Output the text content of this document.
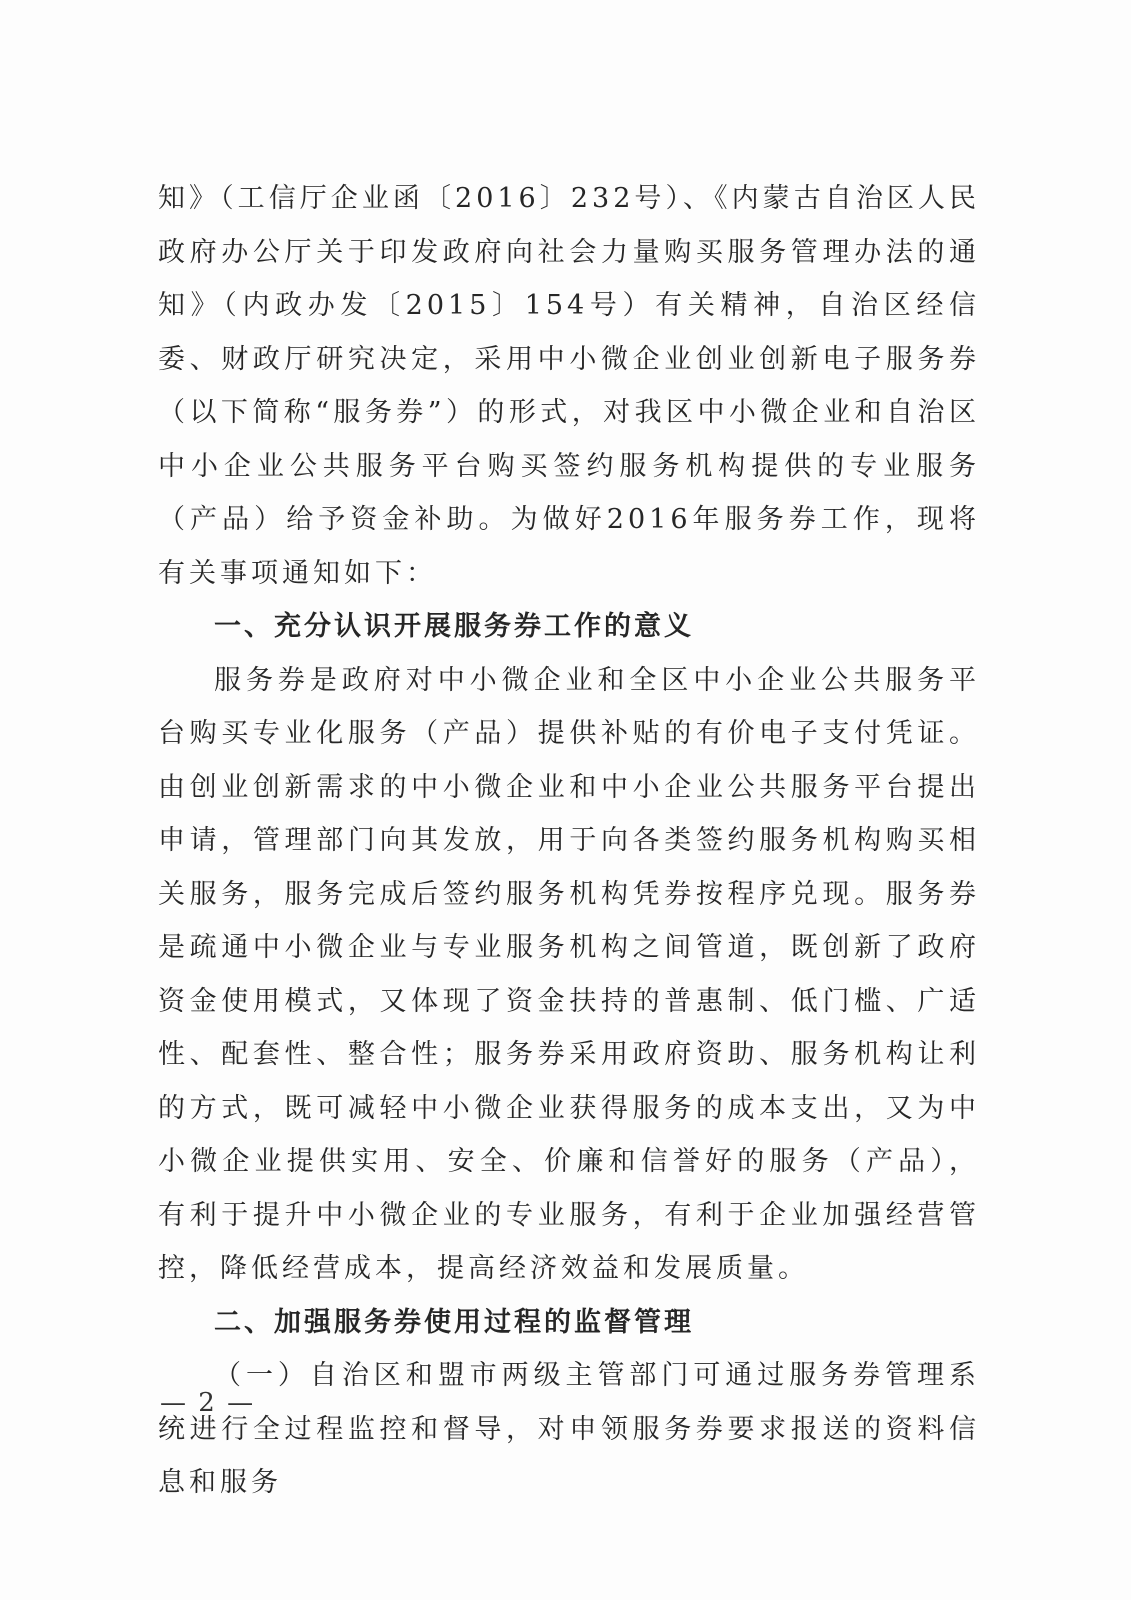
知》（工信厅企业函〔2016〕232号）、《内蒙古自治区人民政府办公厅关于印发政府向社会力量购买服务管理办法的通知》（内政办发〔2015〕154号）有关精神，自治区经信委、财政厅研究决定，采用中小微企业创业创新电子服务券（以下简称“服务券”）的形式，对我区中小微企业和自治区中小企业公共服务平台购买签约服务机构提供的专业服务（产品）给予资金补助。为做好2016年服务券工作，现将有关事项通知如下：

一、充分认识开展服务券工作的意义

服务券是政府对中小微企业和全区中小企业公共服务平台购买专业化服务（产品）提供补贴的有价电子支付凭证。由创业创新需求的中小微企业和中小企业公共服务平台提出申请，管理部门向其发放，用于向各类签约服务机构购买相关服务，服务完成后签约服务机构凭券按程序兑现。服务券是疏通中小微企业与专业服务机构之间管道，既创新了政府资金使用模式，又体现了资金扶持的普惠制、低门槛、广适性、配套性、整合性；服务券采用政府资助、服务机构让利的方式，既可减轻中小微企业获得服务的成本支出，又为中小微企业提供实用、安全、价廉和信誉好的服务（产品），有利于提升中小微企业的专业服务，有利于企业加强经营管控，降低经营成本，提高经济效益和发展质量。

二、加强服务券使用过程的监督管理

（一）自治区和盟市两级主管部门可通过服务券管理系统进行全过程监控和督导，对申领服务券要求报送的资料信息和服务

— 2 —
